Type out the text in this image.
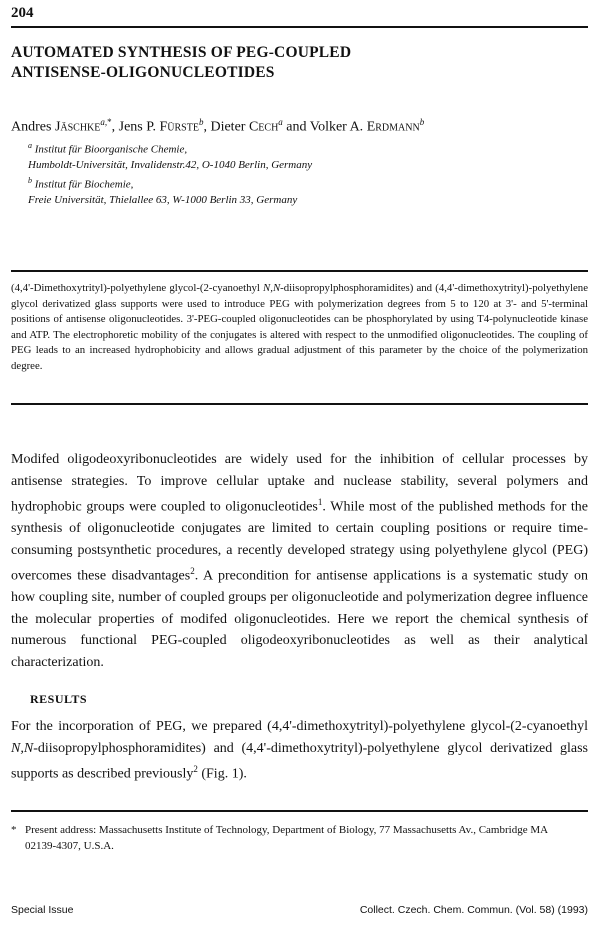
204
AUTOMATED SYNTHESIS OF PEG-COUPLED
ANTISENSE-OLIGONUCLEOTIDES
Andres Jäschke$^{a,*}$, Jens P. Fürste$^b$, Dieter Cech$^a$ and Volker A. Erdmann$^b$
$^a$ Institut für Bioorganische Chemie,
Humboldt-Universität, Invalidenstr.42, O-1040 Berlin, Germany
$^b$ Institut für Biochemie,
Freie Universität, Thielallee 63, W-1000 Berlin 33, Germany
(4,4'-Dimethoxytrityl)-polyethylene glycol-(2-cyanoethyl N,N-diisopropylphosphoramidites) and (4,4'-dimethoxytrityl)-polyethylene glycol derivatized glass supports were used to introduce PEG with polymerization degrees from 5 to 120 at 3'- and 5'-terminal positions of antisense oligonucleotides. 3'-PEG-coupled oligonucleotides can be phosphorylated by using T4-polynucleotide kinase and ATP. The electrophoretic mobility of the conjugates is altered with respect to the unmodified oligonucleotides. The coupling of PEG leads to an increased hydrophobicity and allows gradual adjustment of this parameter by the choice of the polymerization degree.
Modifed oligodeoxyribonucleotides are widely used for the inhibition of cellular processes by antisense strategies. To improve cellular uptake and nuclease stability, several polymers and hydrophobic groups were coupled to oligonucleotides$^1$. While most of the published methods for the synthesis of oligonucleotide conjugates are limited to certain coupling positions or require time-consuming postsynthetic procedures, a recently developed strategy using polyethylene glycol (PEG) overcomes these disadvantages$^2$. A precondition for antisense applications is a systematic study on how coupling site, number of coupled groups per oligonucleotide and polymerization degree influence the molecular properties of modifed oligonucleotides. Here we report the chemical synthesis of numerous functional PEG-coupled oligodeoxyribonucleotides as well as their analytical characterization.
RESULTS
For the incorporation of PEG, we prepared (4,4'-dimethoxytrityl)-polyethylene glycol-(2-cyanoethyl N,N-diisopropylphosphoramidites) and (4,4'-dimethoxytrityl)-polyethylene glycol derivatized glass supports as described previously$^2$ (Fig. 1).
* Present address: Massachusetts Institute of Technology, Department of Biology, 77 Massachusetts Av., Cambridge MA 02139-4307, U.S.A.
Special Issue	Collect. Czech. Chem. Commun. (Vol. 58) (1993)
